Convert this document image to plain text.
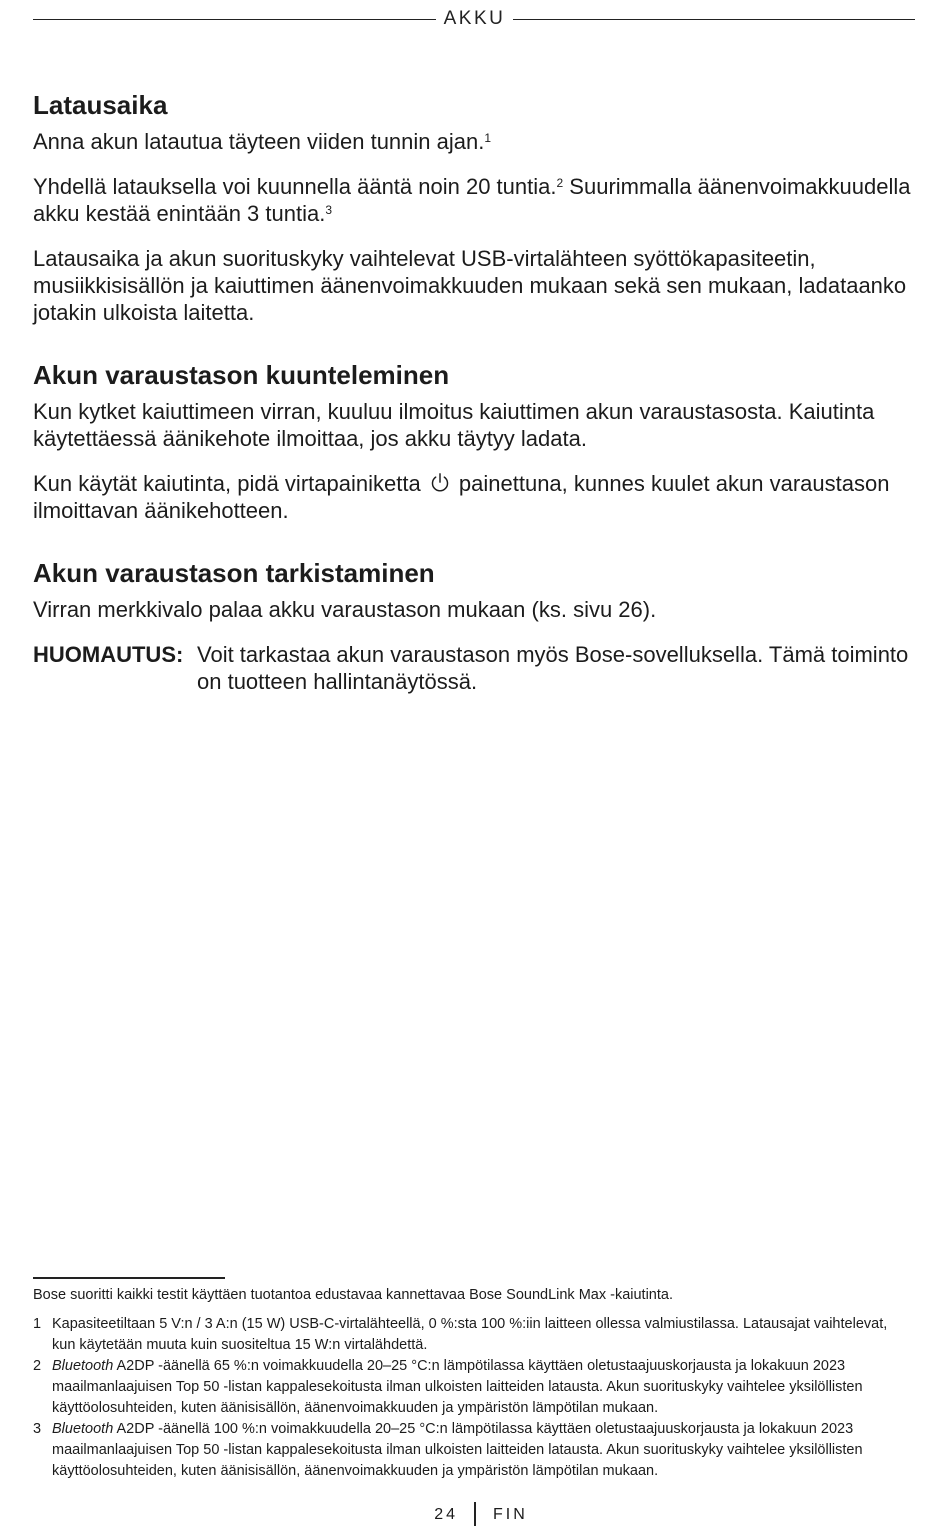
AKKU
Latausaika

Anna akun latautua täyteen viiden tunnin ajan.$^1$

Yhdellä latauksella voi kuunnella ääntä noin 20 tuntia.$^2$ Suurimmalla äänenvoimakkuudella akku kestää enintään 3 tuntia.$^3$

Latausaika ja akun suorituskyky vaihtelevat USB-virtalähteen syöttökapasiteetin, musiikkisisällön ja kaiuttimen äänenvoimakkuuden mukaan sekä sen mukaan, ladataanko jotakin ulkoista laitetta.

Akun varaustason kuunteleminen

Kun kytket kaiuttimeen virran, kuuluu ilmoitus kaiuttimen akun varaustasosta. Kaiutinta käytettäessä äänikehote ilmoittaa, jos akku täytyy ladata.

Kun käytät kaiutinta, pidä virtapainiketta  painettuna, kunnes kuulet akun varaustason ilmoittavan äänikehotteen.

Akun varaustason tarkistaminen

Virran merkkivalo palaa akku varaustason mukaan (ks. sivu 26).

HUOMAUTUS: Voit tarkastaa akun varaustason myös Bose-sovelluksella. Tämä toiminto on tuotteen hallintanäytössä.

Bose suoritti kaikki testit käyttäen tuotantoa edustavaa kannettavaa Bose SoundLink Max -kaiutinta.

1 Kapasiteetiltaan 5 V:n / 3 A:n (15 W) USB-C-virtalähteellä, 0 %:sta 100 %:iin laitteen ollessa valmiustilassa. Latausajat vaihtelevat, kun käytetään muuta kuin suositeltua 15 W:n virtalähdettä.
2 Bluetooth A2DP -äänellä 65 %:n voimakkuudella 20–25 °C:n lämpötilassa käyttäen oletustaajuuskorjausta ja lokakuun 2023 maailmanlaajuisen Top 50 -listan kappalesekoitusta ilman ulkoisten laitteiden latausta. Akun suorituskyky vaihtelee yksilöllisten käyttöolosuhteiden, kuten äänisisällön, äänenvoimakkuuden ja ympäristön lämpötilan mukaan.
3 Bluetooth A2DP -äänellä 100 %:n voimakkuudella 20–25 °C:n lämpötilassa käyttäen oletustaajuuskorjausta ja lokakuun 2023 maailmanlaajuisen Top 50 -listan kappalesekoitusta ilman ulkoisten laitteiden latausta. Akun suorituskyky vaihtelee yksilöllisten käyttöolosuhteiden, kuten äänisisällön, äänenvoimakkuuden ja ympäristön lämpötilan mukaan.
24 FIN
